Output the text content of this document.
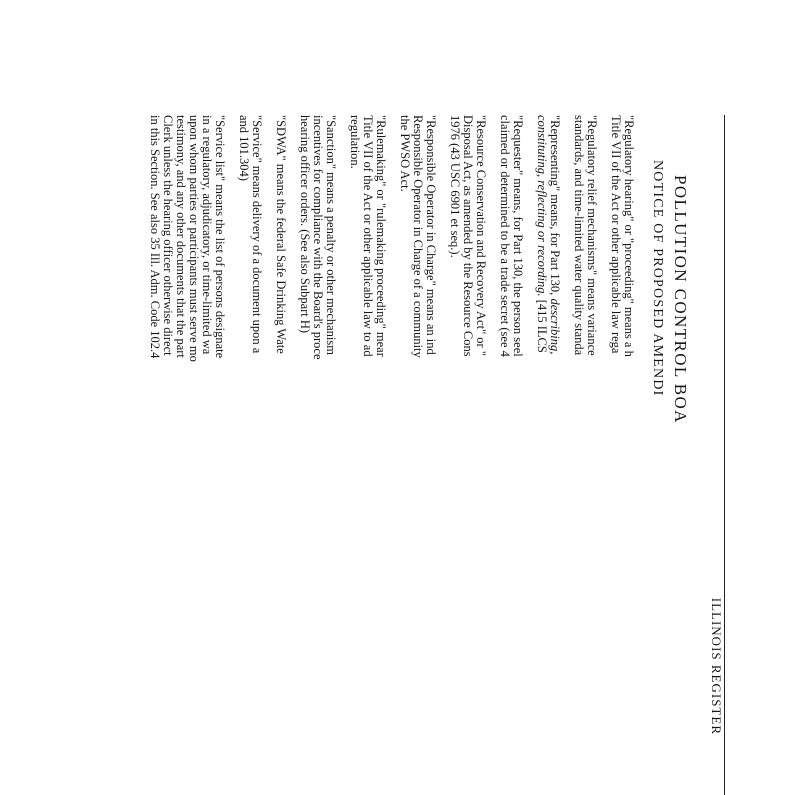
ILLINOIS REGISTER
POLLUTION CONTROL BOA
NOTICE OF PROPOSED AMENDI
"Regulatory hearing" or "proceeding" means a h
Title VII of the Act or other applicable law rega
"Regulatory relief mechanisms" means variance
standards, and time-limited water quality standa
"Representing" means, for Part 130, describing,
constituting, reflecting or recording. [415 ILCS
"Requester" means, for Part 130, the person seel
claimed or determined to be a trade secret (see 4
"Resource Conservation and Recovery Act" or "
Disposal Act, as amended by the Resource Cons
1976 (43 USC 6901 et seq.).
"Responsible Operator in Charge" means an ind
Responsible Operator in Charge of a community
the PWSO Act.
"Rulemaking" or "rulemaking proceeding" mear
Title VII of the Act or other applicable law to ad
regulation.
"Sanction" means a penalty or other mechanism
incentives for compliance with the Board's proce
hearing officer orders. (See also Subpart H)
"SDWA" means the federal Safe Drinking Wate
"Service" means delivery of a document upon a
and 101.304)
"Service list" means the list of persons designate
in a regulatory, adjudicatory, or time-limited wa
upon whom parties or participants must serve mo
testimony, and any other documents that the part
Clerk unless the hearing officer otherwise direct
in this Section. See also 35 Ill. Adm. Code 102.4
